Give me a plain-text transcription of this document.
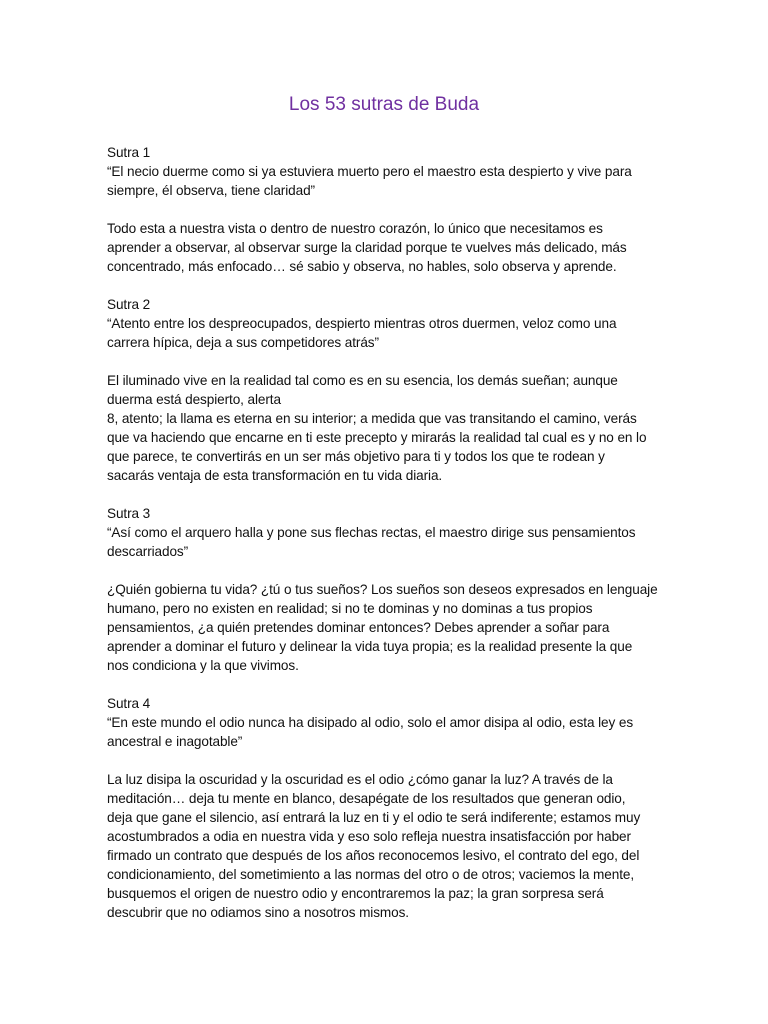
Los 53 sutras de Buda

Sutra 1

“El necio duerme como si ya estuviera muerto pero el maestro esta despierto y vive para
siempre, él observa, tiene claridad”

Todo esta a nuestra vista o dentro de nuestro corazón, lo único que necesitamos es
aprender a observar, al observar surge la claridad porque te vuelves más delicado, más
concentrado, más enfocado… sé sabio y observa, no hables, solo observa y aprende.

Sutra 2

“Atento entre los despreocupados, despierto mientras otros duermen, veloz como una
carrera hípica, deja a sus competidores atrás”

El iluminado vive en la realidad tal como es en su esencia, los demás sueñan; aunque
duerma está despierto, alerta
8, atento; la llama es eterna en su interior; a medida que vas transitando el camino, verás
que va haciendo que encarne en ti este precepto y mirarás la realidad tal cual es y no en lo
que parece, te convertirás en un ser más objetivo para ti y todos los que te rodean y
sacarás ventaja de esta transformación en tu vida diaria.

Sutra 3

“Así como el arquero halla y pone sus flechas rectas, el maestro dirige sus pensamientos
descarriados”

¿Quién gobierna tu vida? ¿tú o tus sueños? Los sueños son deseos expresados en lenguaje
humano, pero no existen en realidad; si no te dominas y no dominas a tus propios
pensamientos, ¿a quién pretendes dominar entonces? Debes aprender a soñar para
aprender a dominar el futuro y delinear la vida tuya propia; es la realidad presente la que
nos condiciona y la que vivimos.

Sutra 4

“En este mundo el odio nunca ha disipado al odio, solo el amor disipa al odio, esta ley es
ancestral e inagotable”

La luz disipa la oscuridad y la oscuridad es el odio ¿cómo ganar la luz? A través de la
meditación… deja tu mente en blanco, desapégate de los resultados que generan odio,
deja que gane el silencio, así entrará la luz en ti y el odio te será indiferente; estamos muy
acostumbrados a odia en nuestra vida y eso solo refleja nuestra insatisfacción por haber
firmado un contrato que después de los años reconocemos lesivo, el contrato del ego, del
condicionamiento, del sometimiento a las normas del otro o de otros; vaciemos la mente,
busquemos el origen de nuestro odio y encontraremos la paz; la gran sorpresa será
descubrir que no odiamos sino a nosotros mismos.
